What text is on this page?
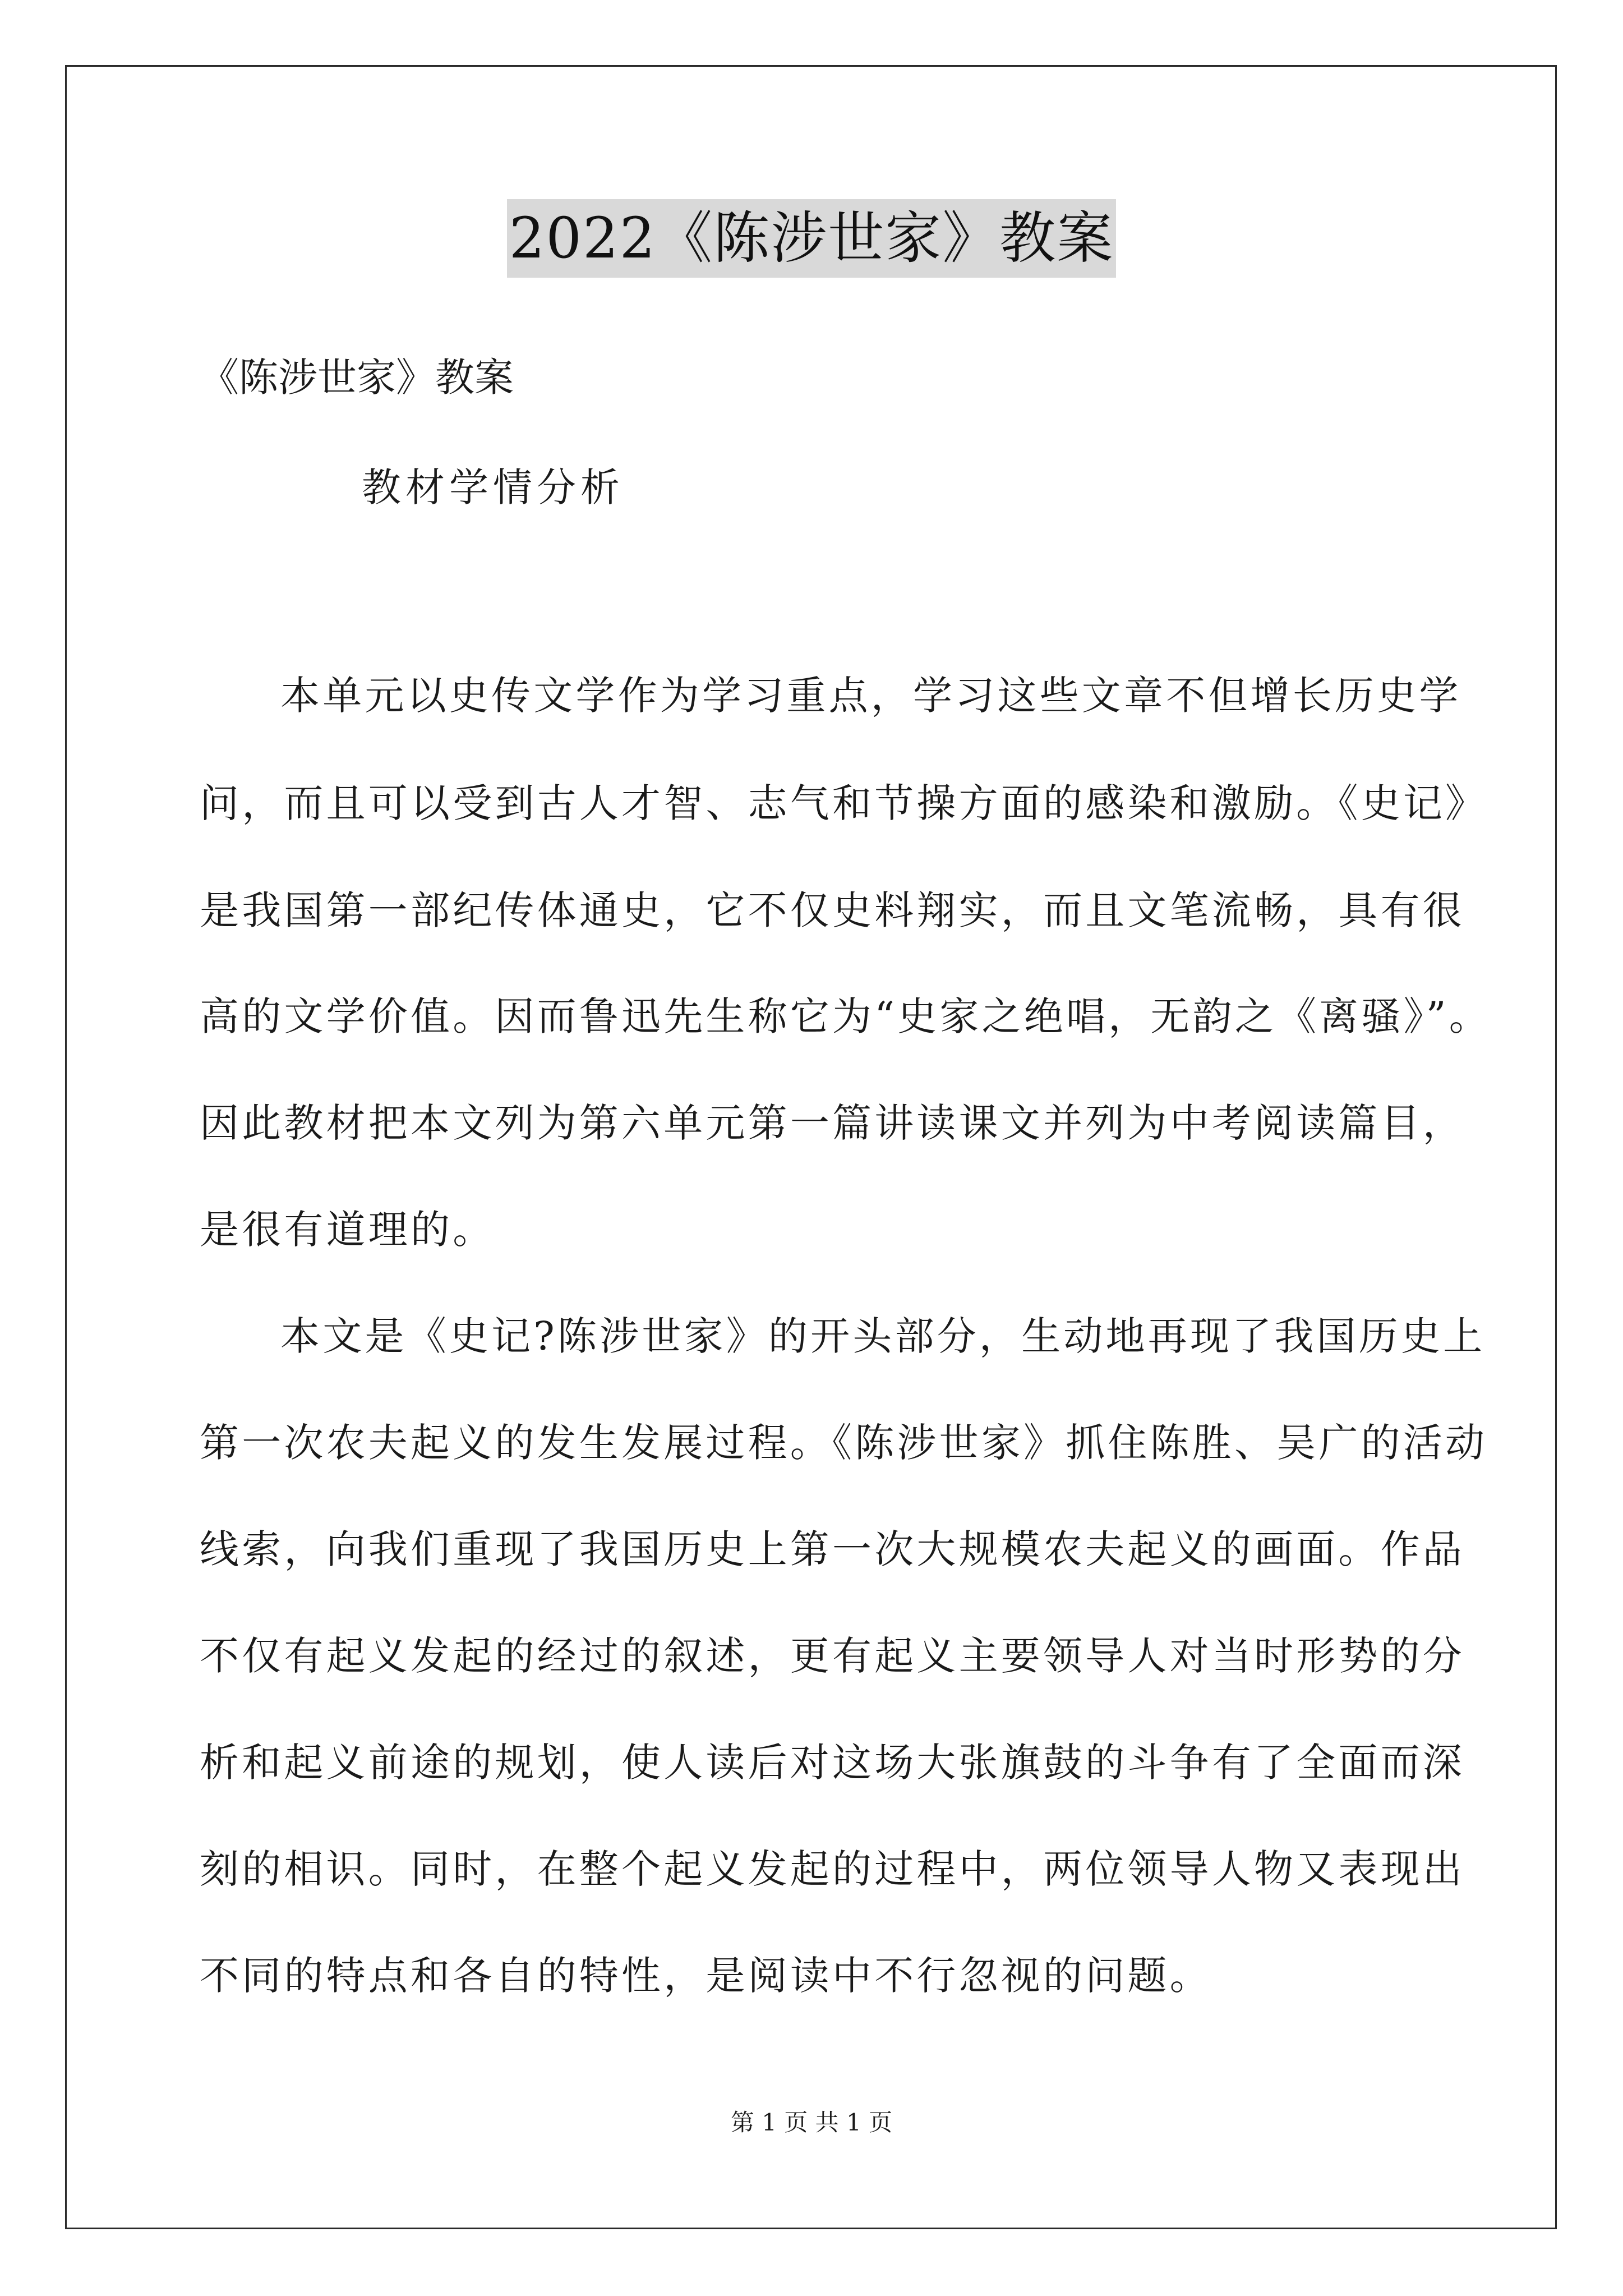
2022《陈涉世家》教案
《陈涉世家》教案
教材学情分析
本单元以史传文学作为学习重点，学习这些文章不但增长历史学
问，而且可以受到古人才智、志气和节操方面的感染和激励。《史记》
是我国第一部纪传体通史，它不仅史料翔实，而且文笔流畅，具有很
高的文学价值。因而鲁迅先生称它为“史家之绝唱，无韵之《离骚》”。
因此教材把本文列为第六单元第一篇讲读课文并列为中考阅读篇目，
是很有道理的。
本文是《史记?陈涉世家》的开头部分，生动地再现了我国历史上
第一次农夫起义的发生发展过程。《陈涉世家》抓住陈胜、吴广的活动
线索，向我们重现了我国历史上第一次大规模农夫起义的画面。作品
不仅有起义发起的经过的叙述，更有起义主要领导人对当时形势的分
析和起义前途的规划，使人读后对这场大张旗鼓的斗争有了全面而深
刻的相识。同时，在整个起义发起的过程中，两位领导人物又表现出
不同的特点和各自的特性，是阅读中不行忽视的问题。
第 1 页 共 1 页
